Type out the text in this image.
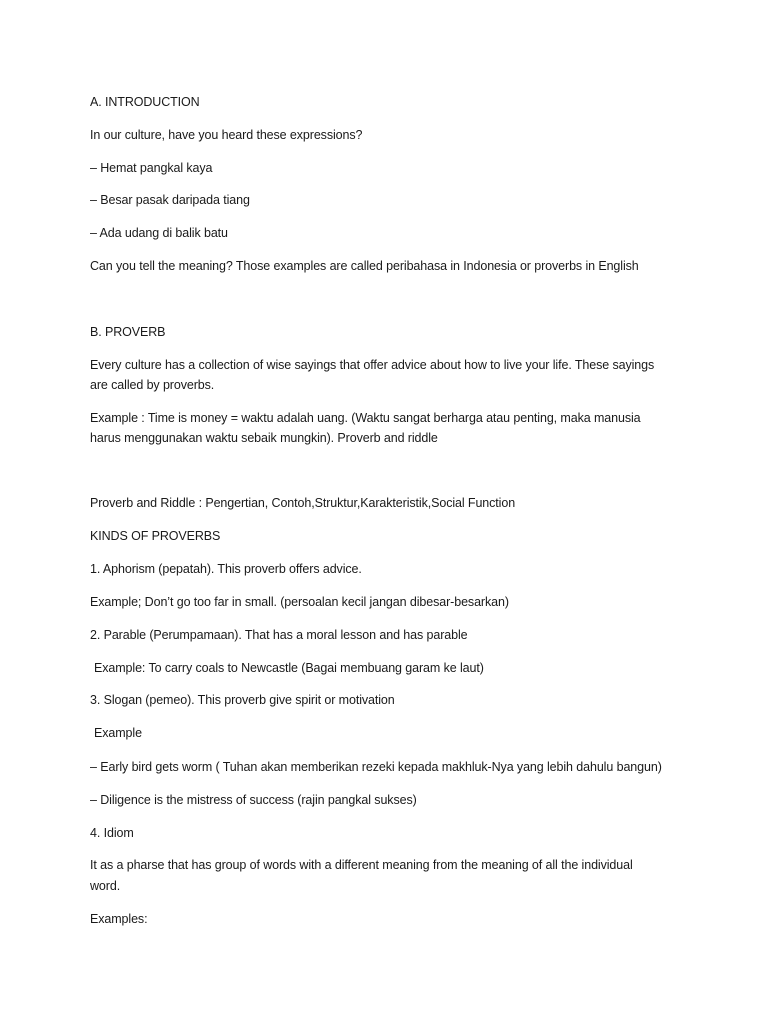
A. INTRODUCTION
In our culture, have you heard these expressions?
– Hemat pangkal kaya
– Besar pasak daripada tiang
– Ada udang di balik batu
Can you tell the meaning? Those examples are called peribahasa in Indonesia or proverbs in English
B. PROVERB
Every culture has a collection of wise sayings that offer advice about how to live your life. These sayings
are called by proverbs.
Example : Time is money = waktu adalah uang. (Waktu sangat berharga atau penting, maka manusia
harus menggunakan waktu sebaik mungkin). Proverb and riddle
Proverb and Riddle : Pengertian, Contoh,Struktur,Karakteristik,Social Function
KINDS OF PROVERBS
1. Aphorism (pepatah). This proverb offers advice.
Example; Don’t go too far in small. (persoalan kecil jangan dibesar-besarkan)
2. Parable (Perumpamaan). That has a moral lesson and has parable
Example: To carry coals to Newcastle (Bagai membuang garam ke laut)
3. Slogan (pemeo). This proverb give spirit or motivation
Example
– Early bird gets worm ( Tuhan akan memberikan rezeki kepada makhluk-Nya yang lebih dahulu bangun)
– Diligence is the mistress of success (rajin pangkal sukses)
4. Idiom
It as a pharse that has group of words with a different meaning from the meaning of all the individual
word.
Examples:
